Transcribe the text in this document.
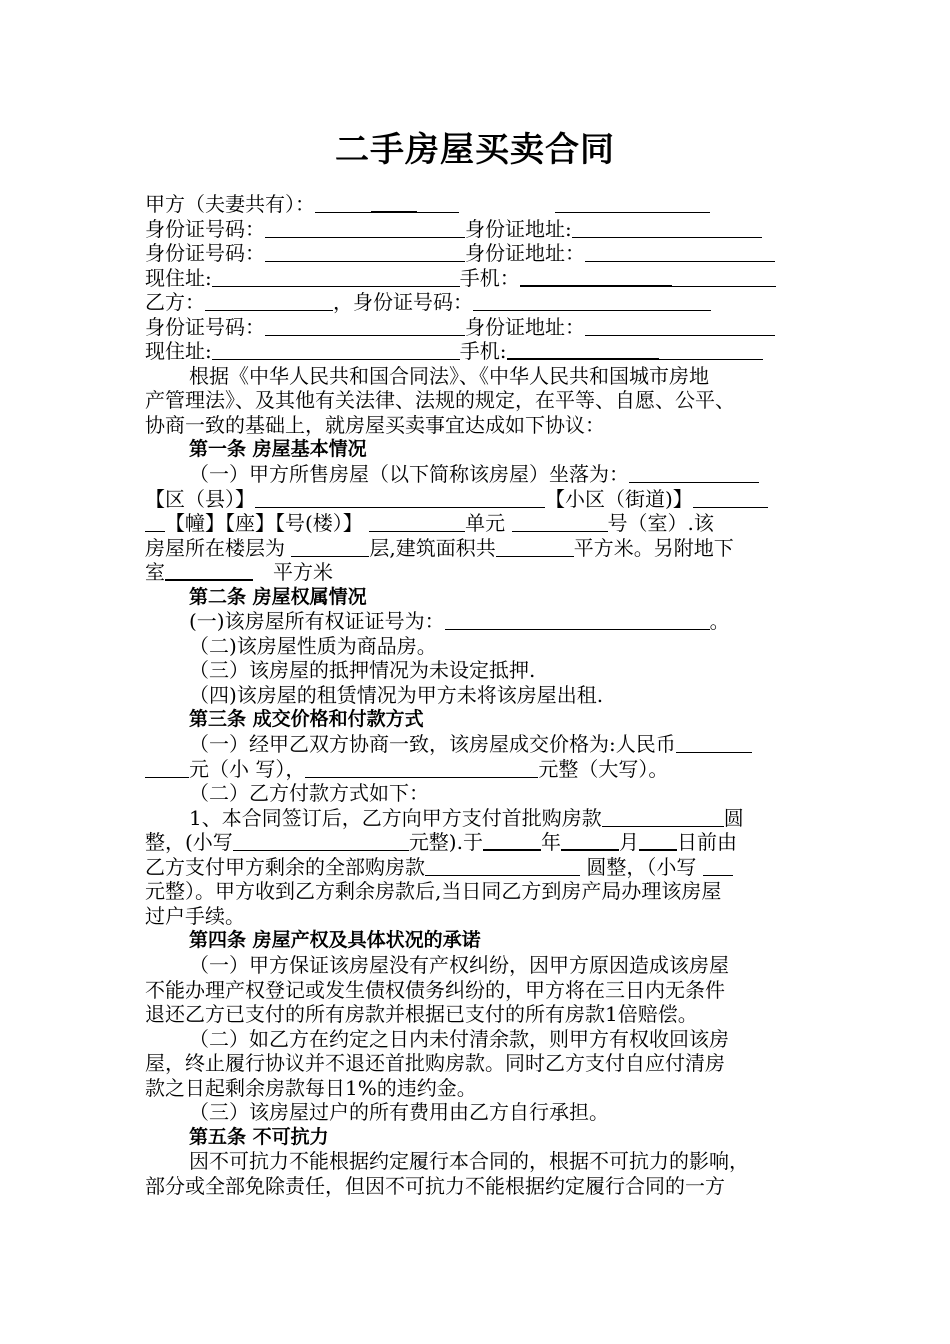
二手房屋买卖合同
甲方（夫妻共有）：
身份证号码：	身份证地址:
身份证号码：	身份证地址：
现住址:	手机：
乙方：	，身份证号码：
身份证号码：	身份证地址：
现住址:	手机:
根据《中华人民共和国合同法》、《中华人民共和国城市房地
产管理法》、及其他有关法律、法规的规定，在平等、自愿、公平、
协商一致的基础上，就房屋买卖事宜达成如下协议：
第一条 房屋基本情况
（一）甲方所售房屋（以下简称该房屋）坐落为：
【区（县）】	【小区（街道)】
【幢】【座】【号(楼）】	单元	号（室）.该
房屋所在楼层为	层,建筑面积共	平方米。另附地下
室	平方米
第二条 房屋权属情况
(一)该房屋所有权证证号为：	。
（二)该房屋性质为商品房。
（三）该房屋的抵押情况为未设定抵押.
（四)该房屋的租赁情况为甲方未将该房屋出租.
第三条 成交价格和付款方式
（一）经甲乙双方协商一致，该房屋成交价格为:人民币
元（小 写），	元整（大写）。
（二）乙方付款方式如下：
1、本合同签订后，乙方向甲方支付首批购房款	圆
整，(小写	元整).于	年	月 日前由
乙方支付甲方剩余的全部购房款	圆整，（小写
元整）。甲方收到乙方剩余房款后,当日同乙方到房产局办理该房屋
过户手续。
第四条 房屋产权及具体状况的承诺
（一）甲方保证该房屋没有产权纠纷，因甲方原因造成该房屋
不能办理产权登记或发生债权债务纠纷的，甲方将在三日内无条件
退还乙方已支付的所有房款并根据已支付的所有房款1倍赔偿。
（二）如乙方在约定之日内未付清余款，则甲方有权收回该房
屋，终止履行协议并不退还首批购房款。同时乙方支付自应付清房
款之日起剩余房款每日1%的违约金。
（三）该房屋过户的所有费用由乙方自行承担。
第五条 不可抗力
因不可抗力不能根据约定履行本合同的，根据不可抗力的影响，
部分或全部免除责任，但因不可抗力不能根据约定履行合同的一方
